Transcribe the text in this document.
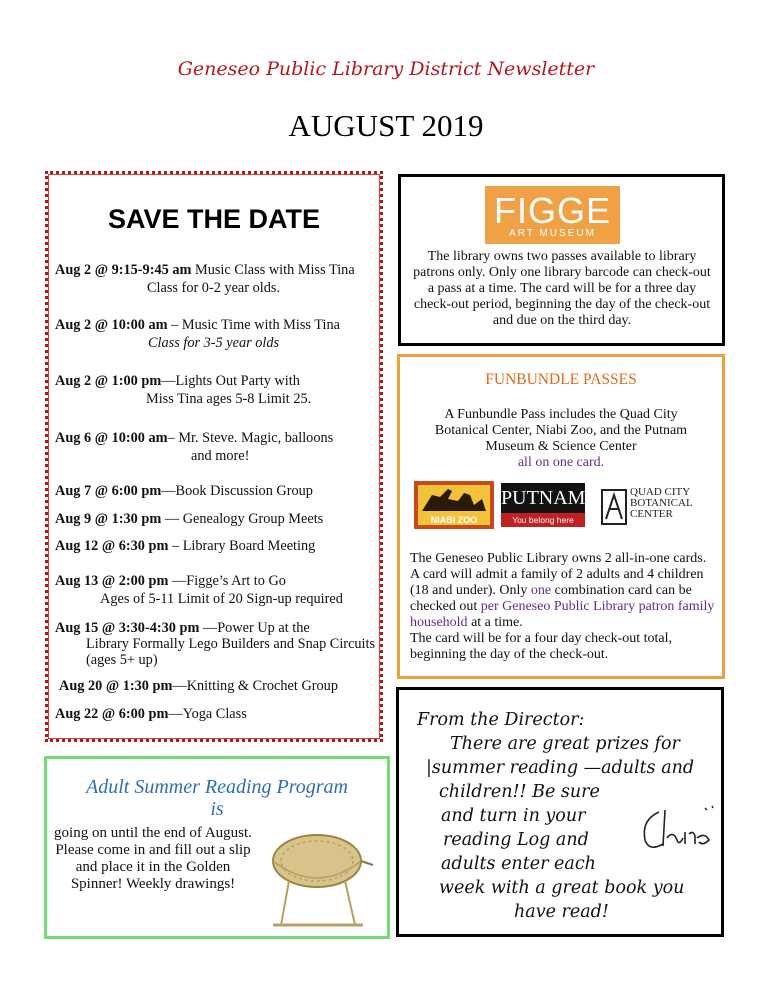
Geneseo Public Library District Newsletter
AUGUST 2019
SAVE THE DATE
Aug 2 @ 9:15-9:45 am Music Class with Miss Tina
Class for 0-2 year olds.
Aug 2 @ 10:00 am – Music Time with Miss Tina
Class for 3-5 year olds
Aug 2 @ 1:00 pm—Lights Out Party with
Miss Tina ages 5-8 Limit 25.
Aug 6 @ 10:00 am– Mr. Steve. Magic, balloons
and more!
Aug 7 @ 6:00 pm—Book Discussion Group
Aug 9 @ 1:30 pm — Genealogy Group Meets
Aug 12 @ 6:30 pm – Library Board Meeting
Aug 13 @ 2:00 pm —Figge’s Art to Go
Ages of 5-11 Limit of 20 Sign-up required
Aug 15 @ 3:30-4:30 pm —Power Up at the
Library Formally Lego Builders and Snap Circuits (ages 5+ up)
Aug 20 @ 1:30 pm—Knitting & Crochet Group
Aug 22 @ 6:00 pm—Yoga Class
FIGGE
ART MUSEUM
The library owns two passes available to library patrons only. Only one library barcode can check-out a pass at a time. The card will be for a three day check-out period, beginning the day of the check-out and due on the third day.
FUNBUNDLE PASSES
A Funbundle Pass includes the Quad City Botanical Center, Niabi Zoo, and the Putnam Museum & Science Center
all on one card.
NIABI ZOO
PUTNAM
You belong here
QUAD CITY BOTANICAL CENTER
The Geneseo Public Library owns 2 all-in-one cards. A card will admit a family of 2 adults and 4 children (18 and under). Only one combination card can be checked out per Geneseo Public Library patron family household at a time.
The card will be for a four day check-out total, beginning the day of the check-out.
Adult Summer Reading Program
is
going on until the end of August. Please come in and fill out a slip and place it in the Golden Spinner! Weekly drawings!
From the Director:
There are great prizes for
|summer reading —adults and
children!! Be sure
and turn in your
reading Log and
adults enter each
week with a great book you
have read!
